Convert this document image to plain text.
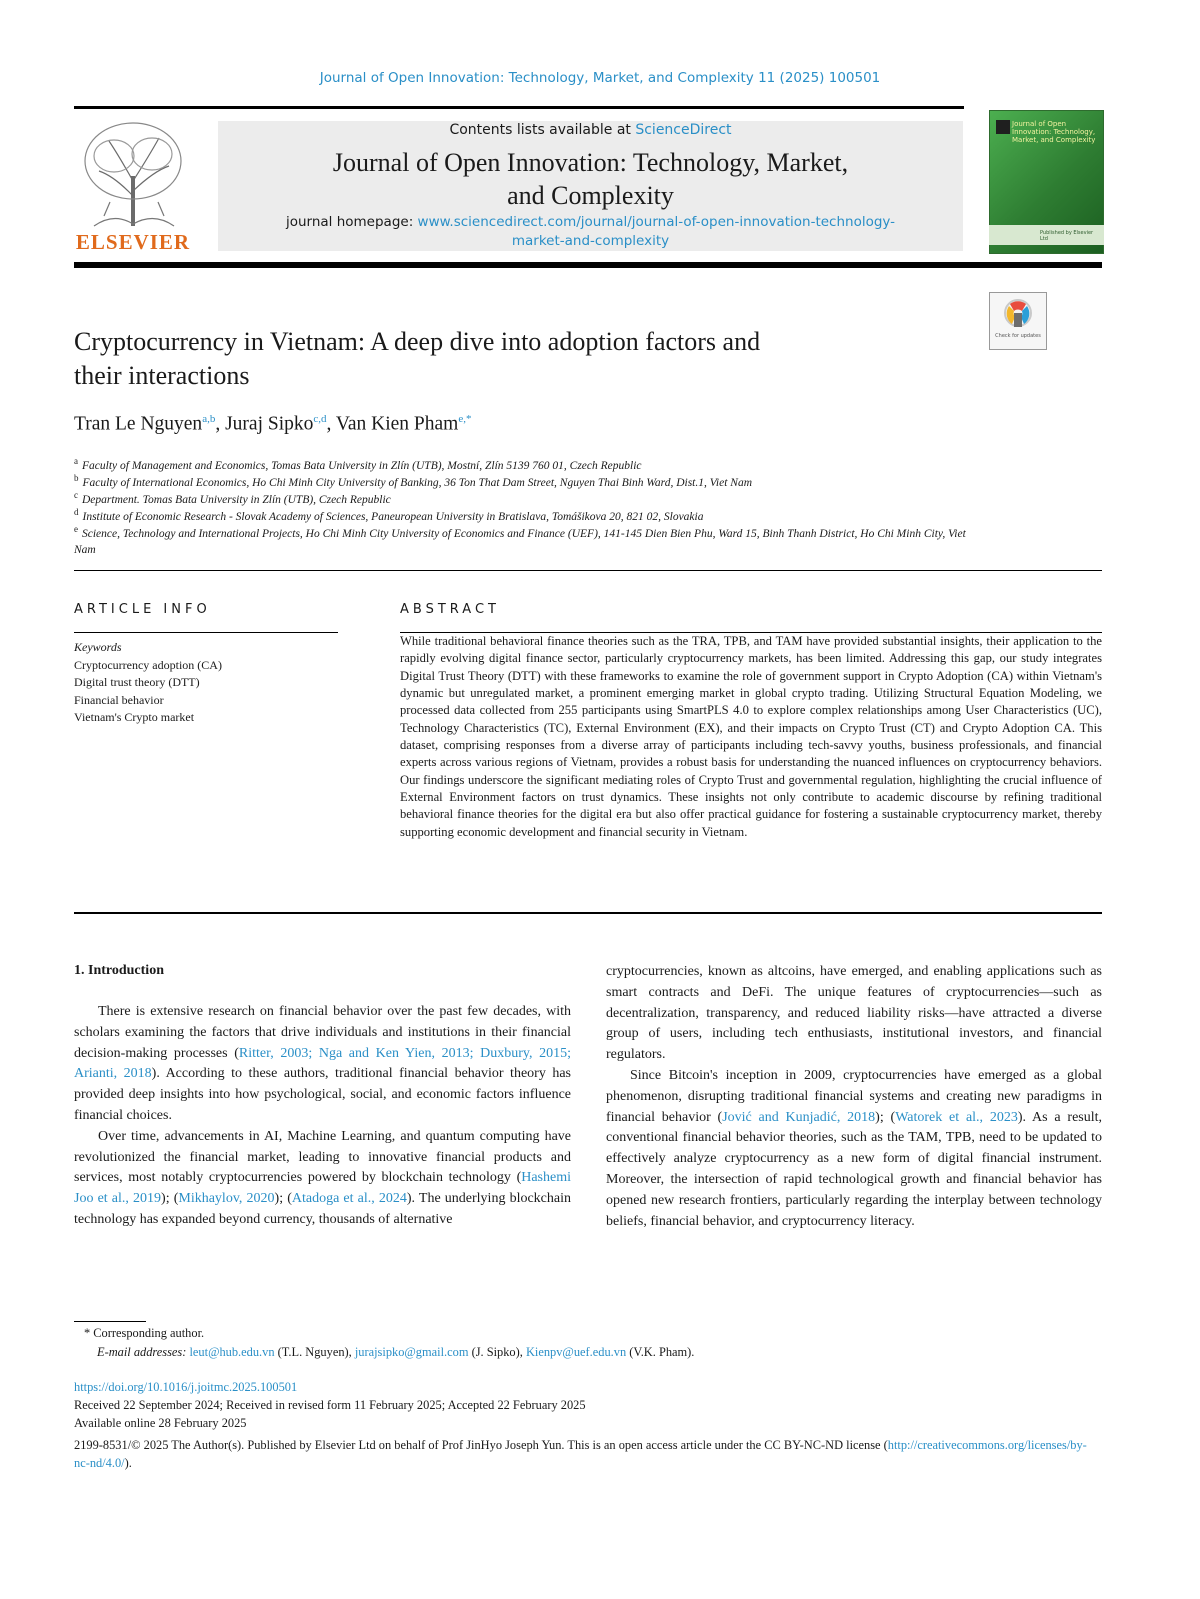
Journal of Open Innovation: Technology, Market, and Complexity 11 (2025) 100501
ELSEVIER
Contents lists available at ScienceDirect
Journal of Open Innovation: Technology, Market,
and Complexity
journal homepage: www.sciencedirect.com/journal/journal-of-open-innovation-technology-
market-and-complexity
Journal of Open Innovation: Technology, Market, and Complexity
Published by Elsevier Ltd
Cryptocurrency in Vietnam: A deep dive into adoption factors and
their interactions
Check for updates
Tran Le Nguyen$^{a,b}$, Juraj Sipko$^{c,d}$, Van Kien Pham$^{e,*}$
$^a$ Faculty of Management and Economics, Tomas Bata University in Zlín (UTB), Mostní, Zlín 5139 760 01, Czech Republic
$^b$ Faculty of International Economics, Ho Chi Minh City University of Banking, 36 Ton That Dam Street, Nguyen Thai Binh Ward, Dist.1, Viet Nam
$^c$ Department. Tomas Bata University in Zlín (UTB), Czech Republic
$^d$ Institute of Economic Research - Slovak Academy of Sciences, Paneuropean University in Bratislava, Tomášikova 20, 821 02, Slovakia
$^e$ Science, Technology and International Projects, Ho Chi Minh City University of Economics and Finance (UEF), 141-145 Dien Bien Phu, Ward 15, Binh Thanh District, Ho Chi Minh City, Viet Nam
ARTICLE INFO	ABSTRACT
Keywords
Cryptocurrency adoption (CA)
Digital trust theory (DTT)
Financial behavior
Vietnam's Crypto market
While traditional behavioral finance theories such as the TRA, TPB, and TAM have provided substantial insights, their application to the rapidly evolving digital finance sector, particularly cryptocurrency markets, has been limited. Addressing this gap, our study integrates Digital Trust Theory (DTT) with these frameworks to examine the role of government support in Crypto Adoption (CA) within Vietnam's dynamic but unregulated market, a prominent emerging market in global crypto trading. Utilizing Structural Equation Modeling, we processed data collected from 255 participants using SmartPLS 4.0 to explore complex relationships among User Characteristics (UC), Technology Characteristics (TC), External Environment (EX), and their impacts on Crypto Trust (CT) and Crypto Adoption CA. This dataset, comprising responses from a diverse array of participants including tech-savvy youths, business professionals, and financial experts across various regions of Vietnam, provides a robust basis for understanding the nuanced influences on cryptocurrency behaviors. Our findings underscore the significant mediating roles of Crypto Trust and governmental regulation, highlighting the crucial influence of External Environment factors on trust dynamics. These insights not only contribute to academic discourse by refining traditional behavioral finance theories for the digital era but also offer practical guidance for fostering a sustainable cryptocurrency market, thereby supporting economic development and financial security in Vietnam.
1. Introduction

There is extensive research on financial behavior over the past few decades, with scholars examining the factors that drive individuals and institutions in their financial decision-making processes (Ritter, 2003; Nga and Ken Yien, 2013; Duxbury, 2015; Arianti, 2018). According to these authors, traditional financial behavior theory has provided deep insights into how psychological, social, and economic factors influence financial choices.

Over time, advancements in AI, Machine Learning, and quantum computing have revolutionized the financial market, leading to innovative financial products and services, most notably cryptocurrencies powered by blockchain technology (Hashemi Joo et al., 2019); (Mikhaylov, 2020); (Atadoga et al., 2024). The underlying blockchain technology has expanded beyond currency, thousands of alternative

cryptocurrencies, known as altcoins, have emerged, and enabling applications such as smart contracts and DeFi. The unique features of cryptocurrencies—such as decentralization, transparency, and reduced liability risks—have attracted a diverse group of users, including tech enthusiasts, institutional investors, and financial regulators.

Since Bitcoin's inception in 2009, cryptocurrencies have emerged as a global phenomenon, disrupting traditional financial systems and creating new paradigms in financial behavior (Jović and Kunjadić, 2018); (Watorek et al., 2023). As a result, conventional financial behavior theories, such as the TAM, TPB, need to be updated to effectively analyze cryptocurrency as a new form of digital financial instrument. Moreover, the intersection of rapid technological growth and financial behavior has opened new research frontiers, particularly regarding the interplay between technology beliefs, financial behavior, and cryptocurrency literacy.

* Corresponding author.
E-mail addresses: leut@hub.edu.vn (T.L. Nguyen), jurajsipko@gmail.com (J. Sipko), Kienpv@uef.edu.vn (V.K. Pham).
https://doi.org/10.1016/j.joitmc.2025.100501
Received 22 September 2024; Received in revised form 11 February 2025; Accepted 22 February 2025
Available online 28 February 2025
2199-8531/© 2025 The Author(s). Published by Elsevier Ltd on behalf of Prof JinHyo Joseph Yun. This is an open access article under the CC BY-NC-ND license (http://creativecommons.org/licenses/by-nc-nd/4.0/).
